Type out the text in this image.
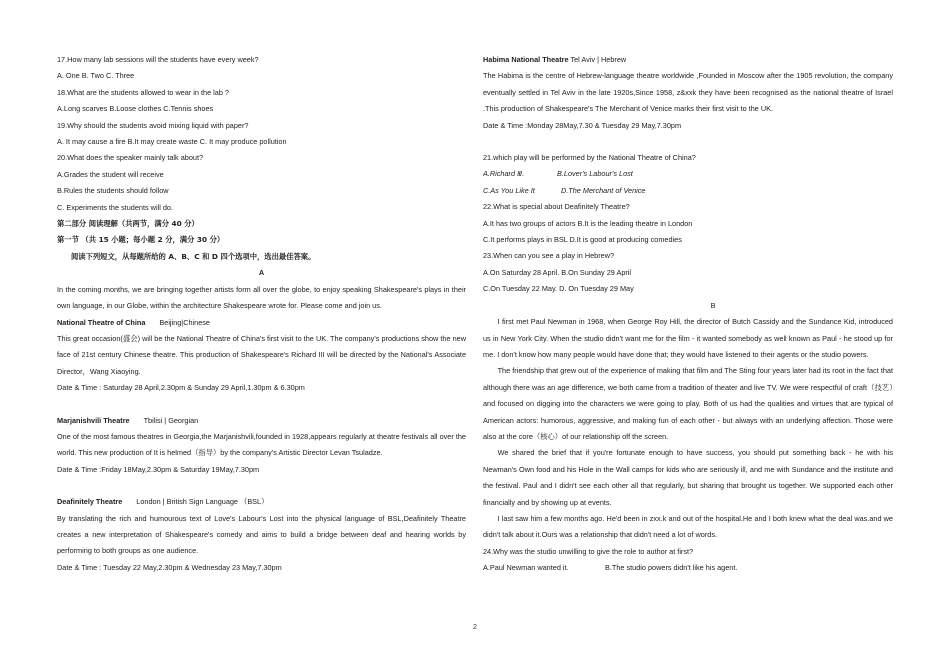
17.How many lab sessions will the students have every week?
A. One B. Two C. Three
18.What are the students allowed to wear in the lab ?
A.Long scarves B.Loose clothes C.Tennis shoes
19.Why should the students avoid mixing liquid with paper?
A. It may cause a fire B.It may create waste C. It may produce pollution
20.What does the speaker mainly talk about?
A.Grades the student will receive
B.Rules the students should follow
C. Experiments the students will do.
第二部分 阅读理解（共两节，满分 40 分）
第一节 （共 15 小题；每小题 2 分，满分 30 分）
阅读下列短文，从每题所给的 A、B、C 和 D 四个选项中，选出最佳答案。
A
In the coming months, we are bringing together artists form all over the globe, to enjoy speaking Shakespeare's plays in their own language, in our Globe, within the architecture Shakespeare wrote for. Please come and join us.
National Theatre of China Beijing|Chinese
This great occasion(盛会) will be the National Theatre of China's first visit to the UK. The company's productions show the new face of 21st century Chinese theatre. This production of Shakespeare's Richard III will be directed by the National's Associate Director，Wang Xiaoying.
Date & Time : Saturday 28 April,2.30pm & Sunday 29 April,1.30pm & 6.30pm
Marjanishvili Theatre Tbilisi | Georgian
One of the most famous theatres in Georgia,the Marjanishvili,founded in 1928,appears regularly at theatre festivals all over the world. This new production of It is helmed（指导）by the company's Artistic Director Levan Tsuladze.
Date & Time :Friday 18May,2.30pm & Saturday 19May,7.30pm
Deafinitely Theatre London | British Sign Language （BSL）
By translating the rich and humourous text of Love's Labour's Lost into the physical language of BSL,Deafinitely Theatre creates a new interpretation of Shakespeare's comedy and aims to build a bridge between deaf and hearing worlds by performing to both groups as one audience.
Date & Time : Tuesday 22 May,2.30pm & Wednesday 23 May,7.30pm
Habima National Theatre Tel Aviv | Hebrew
The Habima is the centre of Hebrew-language theatre worldwide ,Founded in Moscow after the 1905 revolution, the company eventually settled in Tel Aviv in the late 1920s,Since 1958, z&xxk they have been recognised as the national theatre of Israel .This production of Shakespeare's The Merchant of Venice marks their first visit to the UK.
Date & Time :Monday 28May,7.30 & Tuesday 29 May,7.30pm
21.which play will be performed by the National Theatre of China?
A.Richard Ⅲ.	B.Lover's Labour's Lost
C.As You Like It	D.The Merchant of Venice
22.What is special about Deafinitely Theatre?
A.It has two groups of actors B.It is the leading theatre in London
C.It performs plays in BSL D.It is good at producing comedies
23.When can you see a play in Hebrew?
A.On Saturday 28 April. B.On Sunday 29 April
C.On Tuesday 22 May. D. On Tuesday 29 May
B
I first met Paul Newman in 1968, when George Roy Hill, the director of Butch Cassidy and the Sundance Kid, introduced us in New York City. When the studio didn't want me for the film - it wanted somebody as well known as Paul - he stood up for me. I don't know how many people would have done that; they would have listened to their agents or the studio powers.
The friendship that grew out of the experience of making that film and The Sting four years later had its root in the fact that although there was an age difference, we both came from a tradition of theater and live TV. We were respectful of craft（技艺）and focused on digging into the characters we were going to play. Both of us had the qualities and virtues that are typical of American actors: humorous, aggressive, and making fun of each other - but always with an underlying affection. Those were also at the core（核心）of our relationship off the screen.
We shared the brief that if you're fortunate enough to have success, you should put something back - he with his Newman's Own food and his Hole in the Wall camps for kids who are seriously ill, and me with Sundance and the institute and the festival. Paul and I didn't see each other all that regularly, but sharing that brought us together. We supported each other financially and by showing up at events.
I last saw him a few months ago. He'd been in zxx.k and out of the hospital.He and I both knew what the deal was.and we didn't talk about it.Ours was a relationship that didn't need a lot of words.
24.Why was the studio unwilling to give the role to author at first?
A.Paul Newman wanted it.	B.The studio powers didn't like his agent.
2
